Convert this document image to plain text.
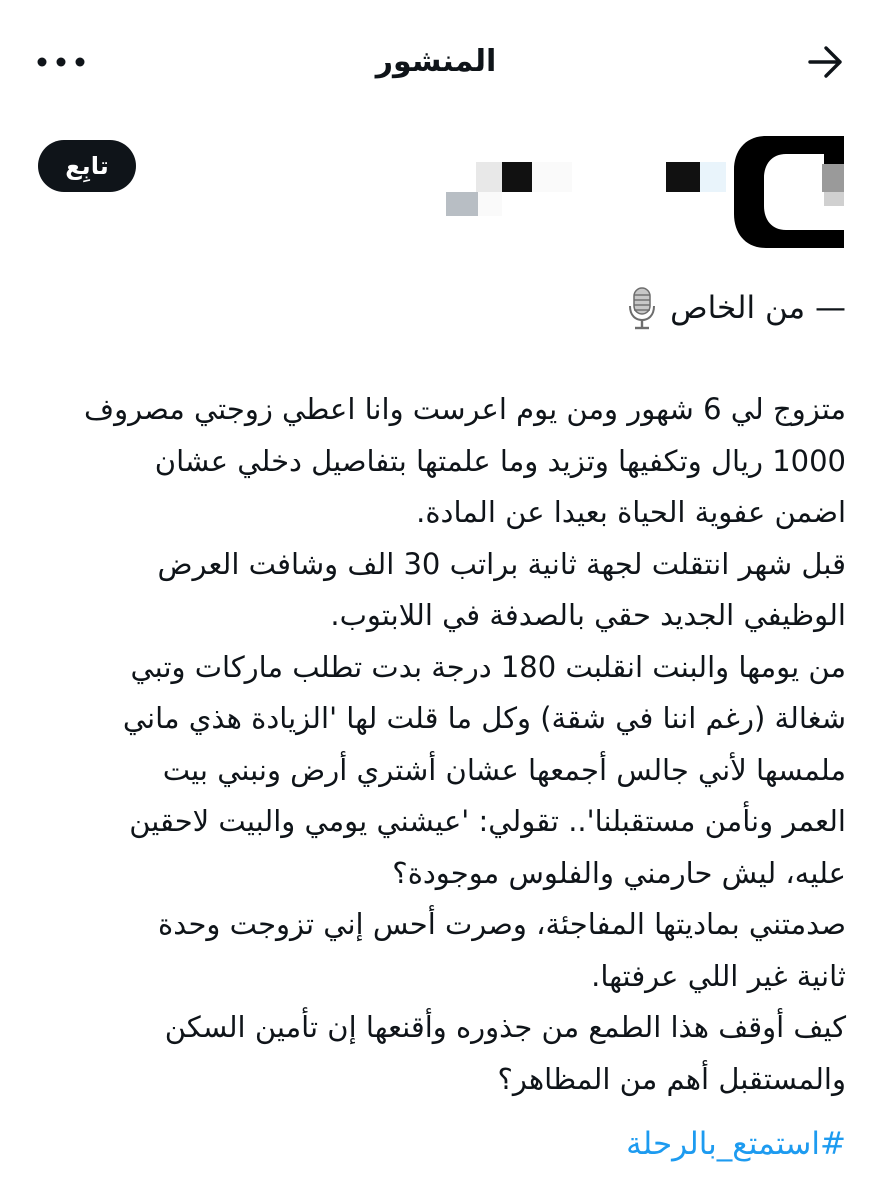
المنشور
تابِع
— من الخاص
متزوج لي 6 شهور ومن يوم اعرست وانا اعطي زوجتي مصروف
1000 ريال وتكفيها وتزيد وما علمتها بتفاصيل دخلي عشان
اضمن عفوية الحياة بعيدا عن المادة.
قبل شهر انتقلت لجهة ثانية براتب 30 الف وشافت العرض
الوظيفي الجديد حقي بالصدفة في اللابتوب.
من يومها والبنت انقلبت 180 درجة بدت تطلب ماركات وتبي
شغالة (رغم اننا في شقة) وكل ما قلت لها 'الزيادة هذي ماني
ملمسها لأني جالس أجمعها عشان أشتري أرض ونبني بيت
العمر ونأمن مستقبلنا'.. تقولي: 'عيشني يومي والبيت لاحقين
عليه، ليش حارمني والفلوس موجودة؟
صدمتني بماديتها المفاجئة، وصرت أحس إني تزوجت وحدة
ثانية غير اللي عرفتها.
كيف أوقف هذا الطمع من جذوره وأقنعها إن تأمين السكن
والمستقبل أهم من المظاهر؟
#استمتع_بالرحلة
